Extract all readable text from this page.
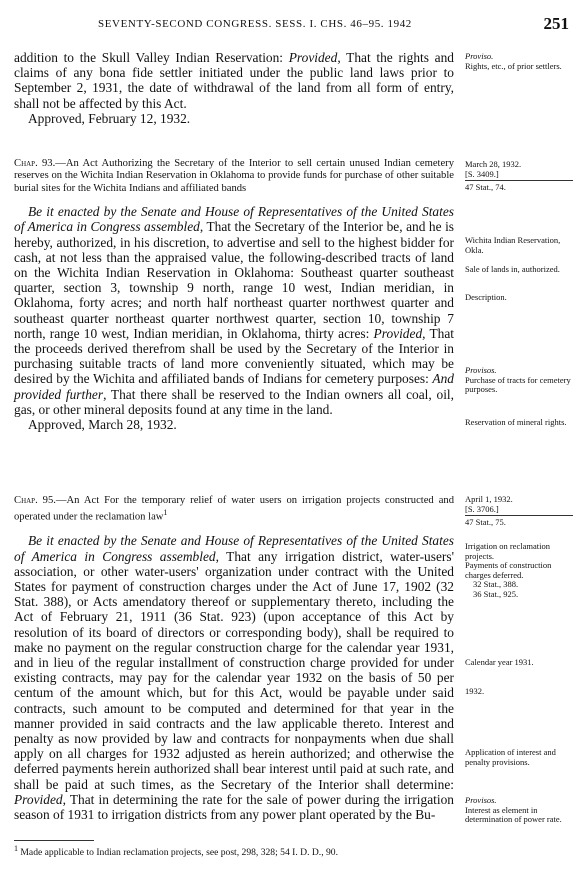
SEVENTY-SECOND CONGRESS. SESS. I. CHS. 46–95. 1942	251

addition to the Skull Valley Indian Reservation: Provided, That the rights and claims of any bona fide settler initiated under the public land laws prior to September 2, 1931, the date of withdrawal of the land from all form of entry, shall not be affected by this Act.

Approved, February 12, 1932.

Chap. 93.—An Act Authorizing the Secretary of the Interior to sell certain unused Indian cemetery reserves on the Wichita Indian Reservation in Oklahoma to provide funds for purchase of other suitable burial sites for the Wichita Indians and affiliated bands

Be it enacted by the Senate and House of Representatives of the United States of America in Congress assembled, That the Secretary of the Interior be, and he is hereby, authorized, in his discretion, to advertise and sell to the highest bidder for cash, at not less than the appraised value, the following-described tracts of land on the Wichita Indian Reservation in Oklahoma: Southeast quarter southeast quarter, section 3, township 9 north, range 10 west, Indian meridian, in Oklahoma, forty acres; and north half northeast quarter northwest quarter and southeast quarter northeast quarter northwest quarter, section 10, township 7 north, range 10 west, Indian meridian, in Oklahoma, thirty acres: Provided, That the proceeds derived therefrom shall be used by the Secretary of the Interior in purchasing suitable tracts of land more conveniently situated, which may be desired by the Wichita and affiliated bands of Indians for cemetery purposes: And provided further, That there shall be reserved to the Indian owners all coal, oil, gas, or other mineral deposits found at any time in the land.

Approved, March 28, 1932.

Chap. 95.—An Act For the temporary relief of water users on irrigation projects constructed and operated under the reclamation law$^1$

Be it enacted by the Senate and House of Representatives of the United States of America in Congress assembled, That any irrigation district, water-users' association, or other water-users' organization under contract with the United States for payment of construction charges under the Act of June 17, 1902 (32 Stat. 388), or Acts amendatory thereof or supplementary thereto, including the Act of February 21, 1911 (36 Stat. 923) (upon acceptance of this Act by resolution of its board of directors or corresponding body), shall be required to make no payment on the regular construction charge for the calendar year 1931, and in lieu of the regular installment of construction charge provided for under existing contracts, may pay for the calendar year 1932 on the basis of 50 per centum of the amount which, but for this Act, would be payable under said contracts, such amount to be computed and determined for that year in the manner provided in said contracts and the law applicable thereto. Interest and penalty as now provided by law and contracts for nonpayments when due shall apply on all charges for 1932 adjusted as herein authorized; and otherwise the deferred payments herein authorized shall bear interest until paid at such rate, and shall be paid at such times, as the Secretary of the Interior shall determine: Provided, That in determining the rate for the sale of power during the irrigation season of 1931 to irrigation districts from any power plant operated by the Bu-

Proviso.
Rights, etc., of prior settlers.
March 28, 1932.
[S. 3409.]
47 Stat., 74.
Wichita Indian Reservation, Okla.
Sale of lands in, authorized.
Description.
Provisos.
Purchase of tracts for cemetery purposes.
Reservation of mineral rights.
April 1, 1932.
[S. 3706.]
47 Stat., 75.
Irrigation on reclamation projects.
Payments of construction charges deferred.
32 Stat., 388.
36 Stat., 925.
Calendar year 1931.
1932.
Application of interest and penalty provisions.
Provisos.
Interest as element in determination of power rate.
$^1$ Made applicable to Indian reclamation projects, see post, 298, 328; 54 I. D. D., 90.
